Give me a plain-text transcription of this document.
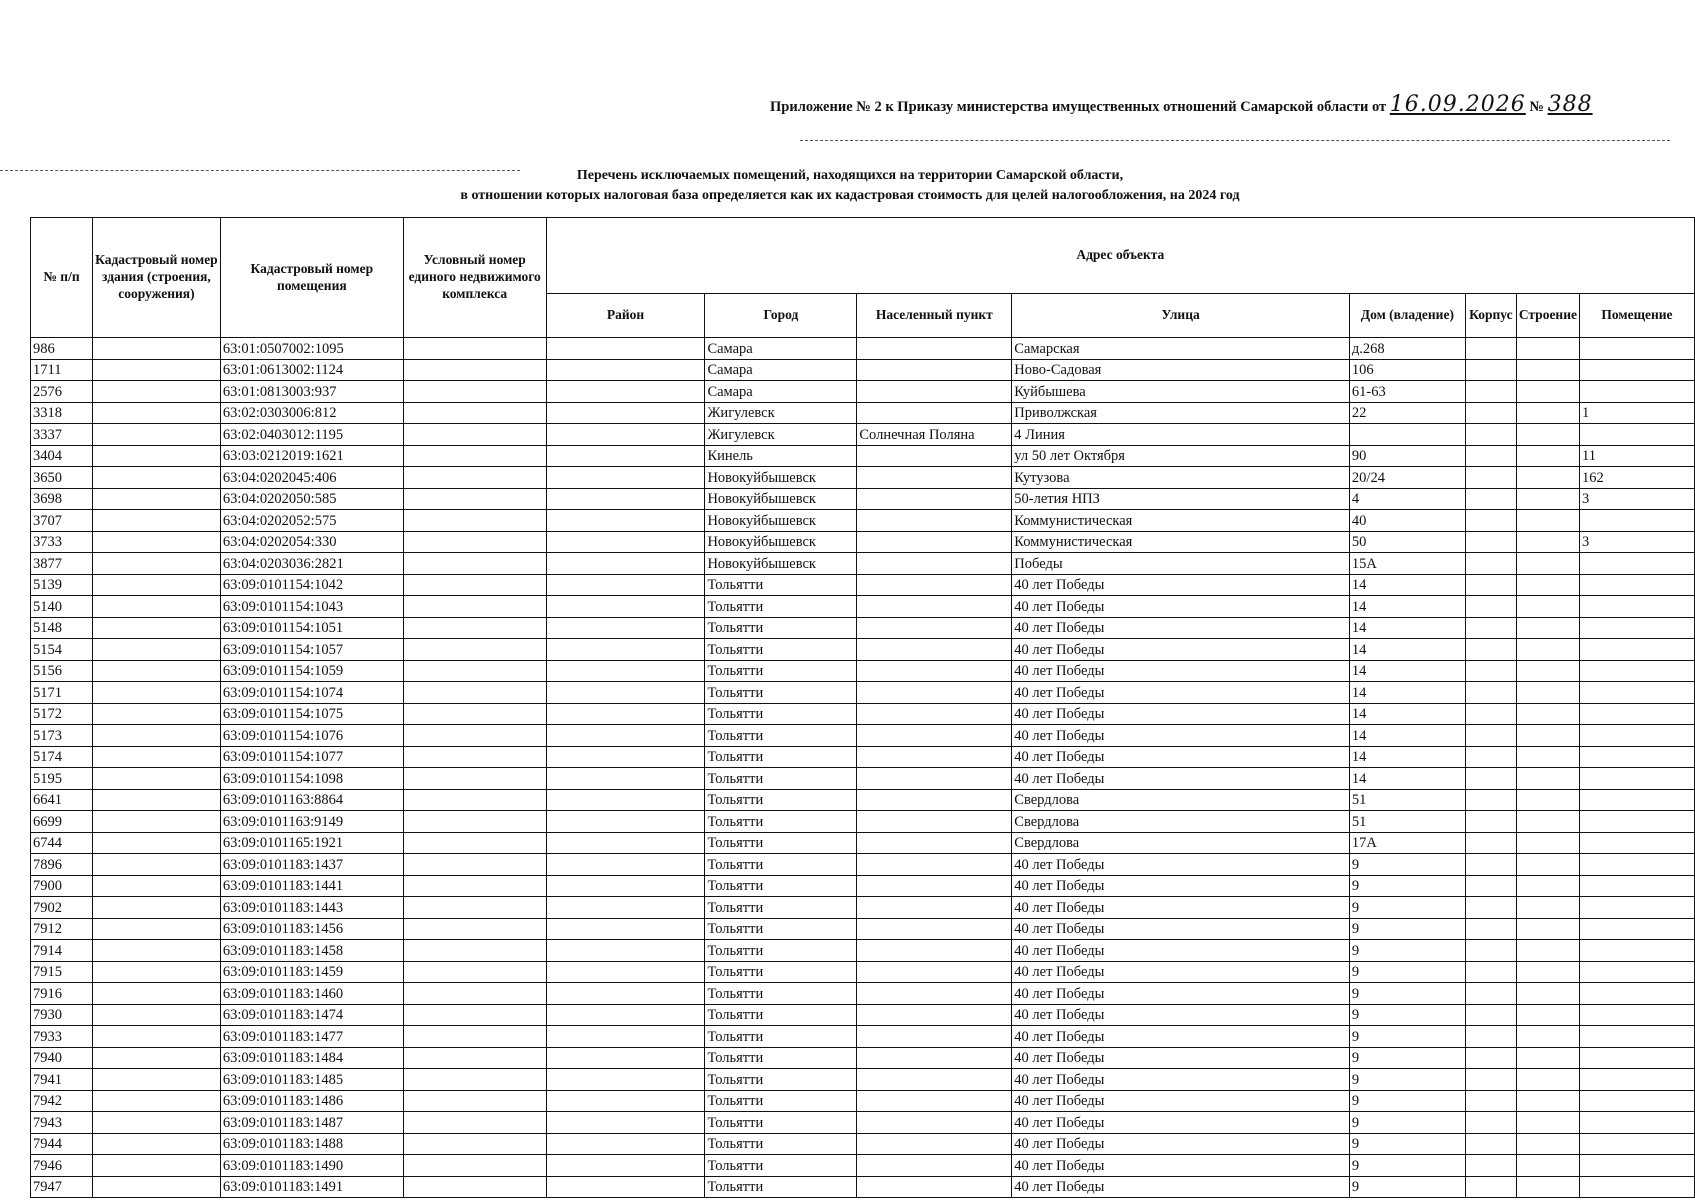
Приложение № 2 к Приказу министерства имущественных отношений Самарской области от 16.09.2026 № 388
Перечень исключаемых помещений, находящихся на территории Самарской области,
в отношении которых налоговая база определяется как их кадастровая стоимость для целей налогообложения, на 2024 год
№ п/п	Кадастровый номер здания (строения, сооружения)	Кадастровый номер помещения	Условный номер единого недвижимого комплекса	Адрес объекта							
				Район	Город	Населенный пункт	Улица	Дом (владение)	Корпус	Строение	Помещение
986		63:01:0507002:1095			Самара		Самарская	д.268			
1711		63:01:0613002:1124			Самара		Ново-Садовая	106			
2576		63:01:0813003:937			Самара		Куйбышева	61-63			
3318		63:02:0303006:812			Жигулевск		Приволжская	22			1
3337		63:02:0403012:1195			Жигулевск	Солнечная Поляна	4 Линия				
3404		63:03:0212019:1621			Кинель		ул 50 лет Октября	90			11
3650		63:04:0202045:406			Новокуйбышевск		Кутузова	20/24			162
3698		63:04:0202050:585			Новокуйбышевск		50-летия НПЗ	4			3
3707		63:04:0202052:575			Новокуйбышевск		Коммунистическая	40			
3733		63:04:0202054:330			Новокуйбышевск		Коммунистическая	50			3
3877		63:04:0203036:2821			Новокуйбышевск		Победы	15А			
5139		63:09:0101154:1042			Тольятти		40 лет Победы	14			
5140		63:09:0101154:1043			Тольятти		40 лет Победы	14			
5148		63:09:0101154:1051			Тольятти		40 лет Победы	14			
5154		63:09:0101154:1057			Тольятти		40 лет Победы	14			
5156		63:09:0101154:1059			Тольятти		40 лет Победы	14			
5171		63:09:0101154:1074			Тольятти		40 лет Победы	14			
5172		63:09:0101154:1075			Тольятти		40 лет Победы	14			
5173		63:09:0101154:1076			Тольятти		40 лет Победы	14			
5174		63:09:0101154:1077			Тольятти		40 лет Победы	14			
5195		63:09:0101154:1098			Тольятти		40 лет Победы	14			
6641		63:09:0101163:8864			Тольятти		Свердлова	51			
6699		63:09:0101163:9149			Тольятти		Свердлова	51			
6744		63:09:0101165:1921			Тольятти		Свердлова	17А			
7896		63:09:0101183:1437			Тольятти		40 лет Победы	9			
7900		63:09:0101183:1441			Тольятти		40 лет Победы	9			
7902		63:09:0101183:1443			Тольятти		40 лет Победы	9			
7912		63:09:0101183:1456			Тольятти		40 лет Победы	9			
7914		63:09:0101183:1458			Тольятти		40 лет Победы	9			
7915		63:09:0101183:1459			Тольятти		40 лет Победы	9			
7916		63:09:0101183:1460			Тольятти		40 лет Победы	9			
7930		63:09:0101183:1474			Тольятти		40 лет Победы	9			
7933		63:09:0101183:1477			Тольятти		40 лет Победы	9			
7940		63:09:0101183:1484			Тольятти		40 лет Победы	9			
7941		63:09:0101183:1485			Тольятти		40 лет Победы	9			
7942		63:09:0101183:1486			Тольятти		40 лет Победы	9			
7943		63:09:0101183:1487			Тольятти		40 лет Победы	9			
7944		63:09:0101183:1488			Тольятти		40 лет Победы	9			
7946		63:09:0101183:1490			Тольятти		40 лет Победы	9			
7947		63:09:0101183:1491			Тольятти		40 лет Победы	9			
